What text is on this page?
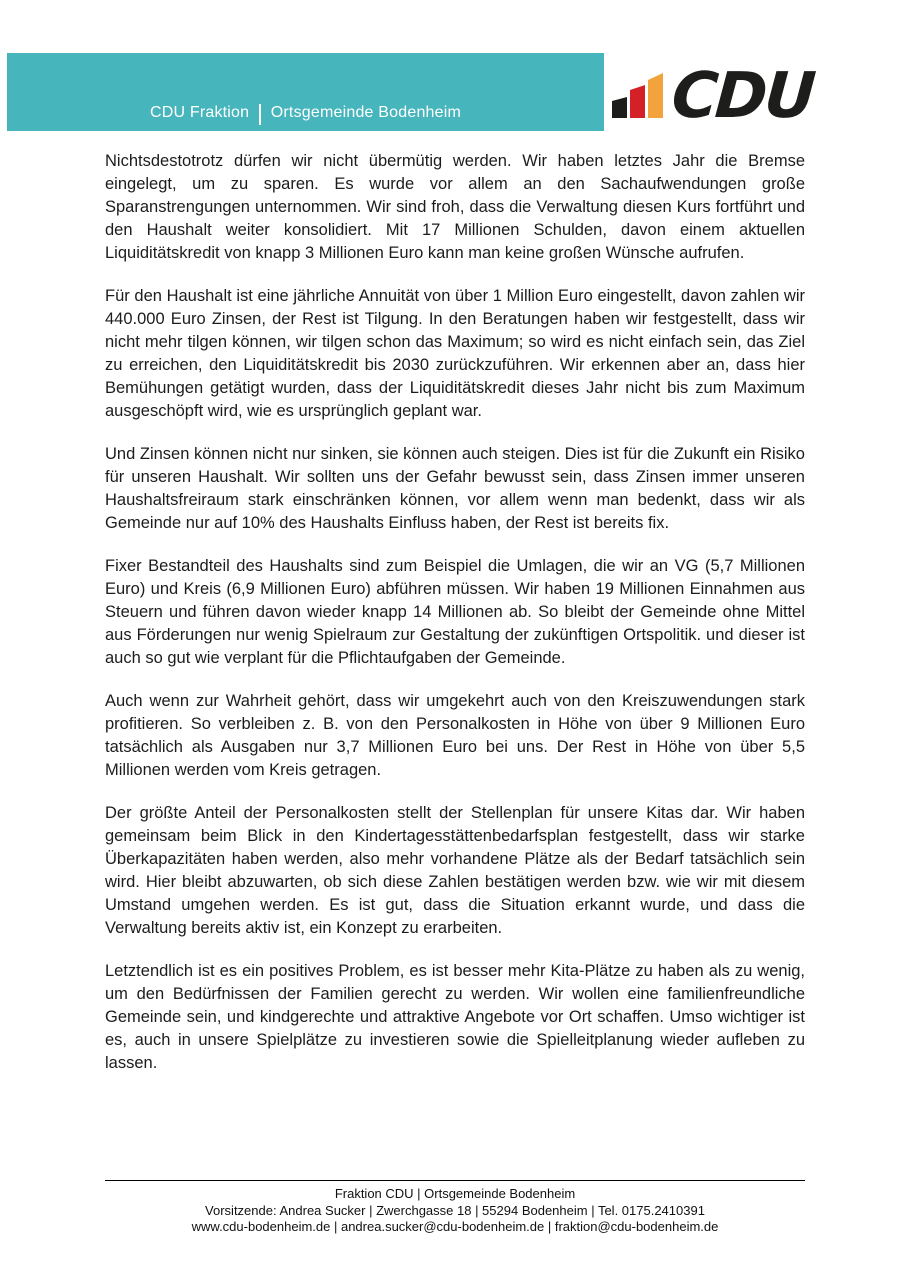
CDU Fraktion Ortsgemeinde Bodenheim	CDU

Nichtsdestotrotz dürfen wir nicht übermütig werden. Wir haben letztes Jahr die Bremse eingelegt, um zu sparen. Es wurde vor allem an den Sachaufwendungen große Sparanstrengungen unternommen. Wir sind froh, dass die Verwaltung diesen Kurs fortführt und den Haushalt weiter konsolidiert. Mit 17 Millionen Schulden, davon einem aktuellen Liquiditätskredit von knapp 3 Millionen Euro kann man keine großen Wünsche aufrufen.

Für den Haushalt ist eine jährliche Annuität von über 1 Million Euro eingestellt, davon zahlen wir 440.000 Euro Zinsen, der Rest ist Tilgung. In den Beratungen haben wir festgestellt, dass wir nicht mehr tilgen können, wir tilgen schon das Maximum; so wird es nicht einfach sein, das Ziel zu erreichen, den Liquiditätskredit bis 2030 zurückzuführen. Wir erkennen aber an, dass hier Bemühungen getätigt wurden, dass der Liquiditätskredit dieses Jahr nicht bis zum Maximum ausgeschöpft wird, wie es ursprünglich geplant war.

Und Zinsen können nicht nur sinken, sie können auch steigen. Dies ist für die Zukunft ein Risiko für unseren Haushalt. Wir sollten uns der Gefahr bewusst sein, dass Zinsen immer unseren Haushaltsfreiraum stark einschränken können, vor allem wenn man bedenkt, dass wir als Gemeinde nur auf 10% des Haushalts Einfluss haben, der Rest ist bereits fix.

Fixer Bestandteil des Haushalts sind zum Beispiel die Umlagen, die wir an VG (5,7 Millionen Euro) und Kreis (6,9 Millionen Euro) abführen müssen. Wir haben 19 Millionen Einnahmen aus Steuern und führen davon wieder knapp 14 Millionen ab. So bleibt der Gemeinde ohne Mittel aus Förderungen nur wenig Spielraum zur Gestaltung der zukünftigen Ortspolitik. und dieser ist auch so gut wie verplant für die Pflichtaufgaben der Gemeinde.

Auch wenn zur Wahrheit gehört, dass wir umgekehrt auch von den Kreiszuwendungen stark profitieren. So verbleiben z. B. von den Personalkosten in Höhe von über 9 Millionen Euro tatsächlich als Ausgaben nur 3,7 Millionen Euro bei uns. Der Rest in Höhe von über 5,5 Millionen werden vom Kreis getragen.

Der größte Anteil der Personalkosten stellt der Stellenplan für unsere Kitas dar. Wir haben gemeinsam beim Blick in den Kindertagesstättenbedarfsplan festgestellt, dass wir starke Überkapazitäten haben werden, also mehr vorhandene Plätze als der Bedarf tatsächlich sein wird. Hier bleibt abzuwarten, ob sich diese Zahlen bestätigen werden bzw. wie wir mit diesem Umstand umgehen werden. Es ist gut, dass die Situation erkannt wurde, und dass die Verwaltung bereits aktiv ist, ein Konzept zu erarbeiten.

Letztendlich ist es ein positives Problem, es ist besser mehr Kita-Plätze zu haben als zu wenig, um den Bedürfnissen der Familien gerecht zu werden. Wir wollen eine familienfreundliche Gemeinde sein, und kindgerechte und attraktive Angebote vor Ort schaffen. Umso wichtiger ist es, auch in unsere Spielplätze zu investieren sowie die Spielleitplanung wieder aufleben zu lassen.

Fraktion CDU | Ortsgemeinde Bodenheim
Vorsitzende: Andrea Sucker | Zwerchgasse 18 | 55294 Bodenheim | Tel. 0175.2410391
www.cdu-bodenheim.de | andrea.sucker@cdu-bodenheim.de | fraktion@cdu-bodenheim.de
